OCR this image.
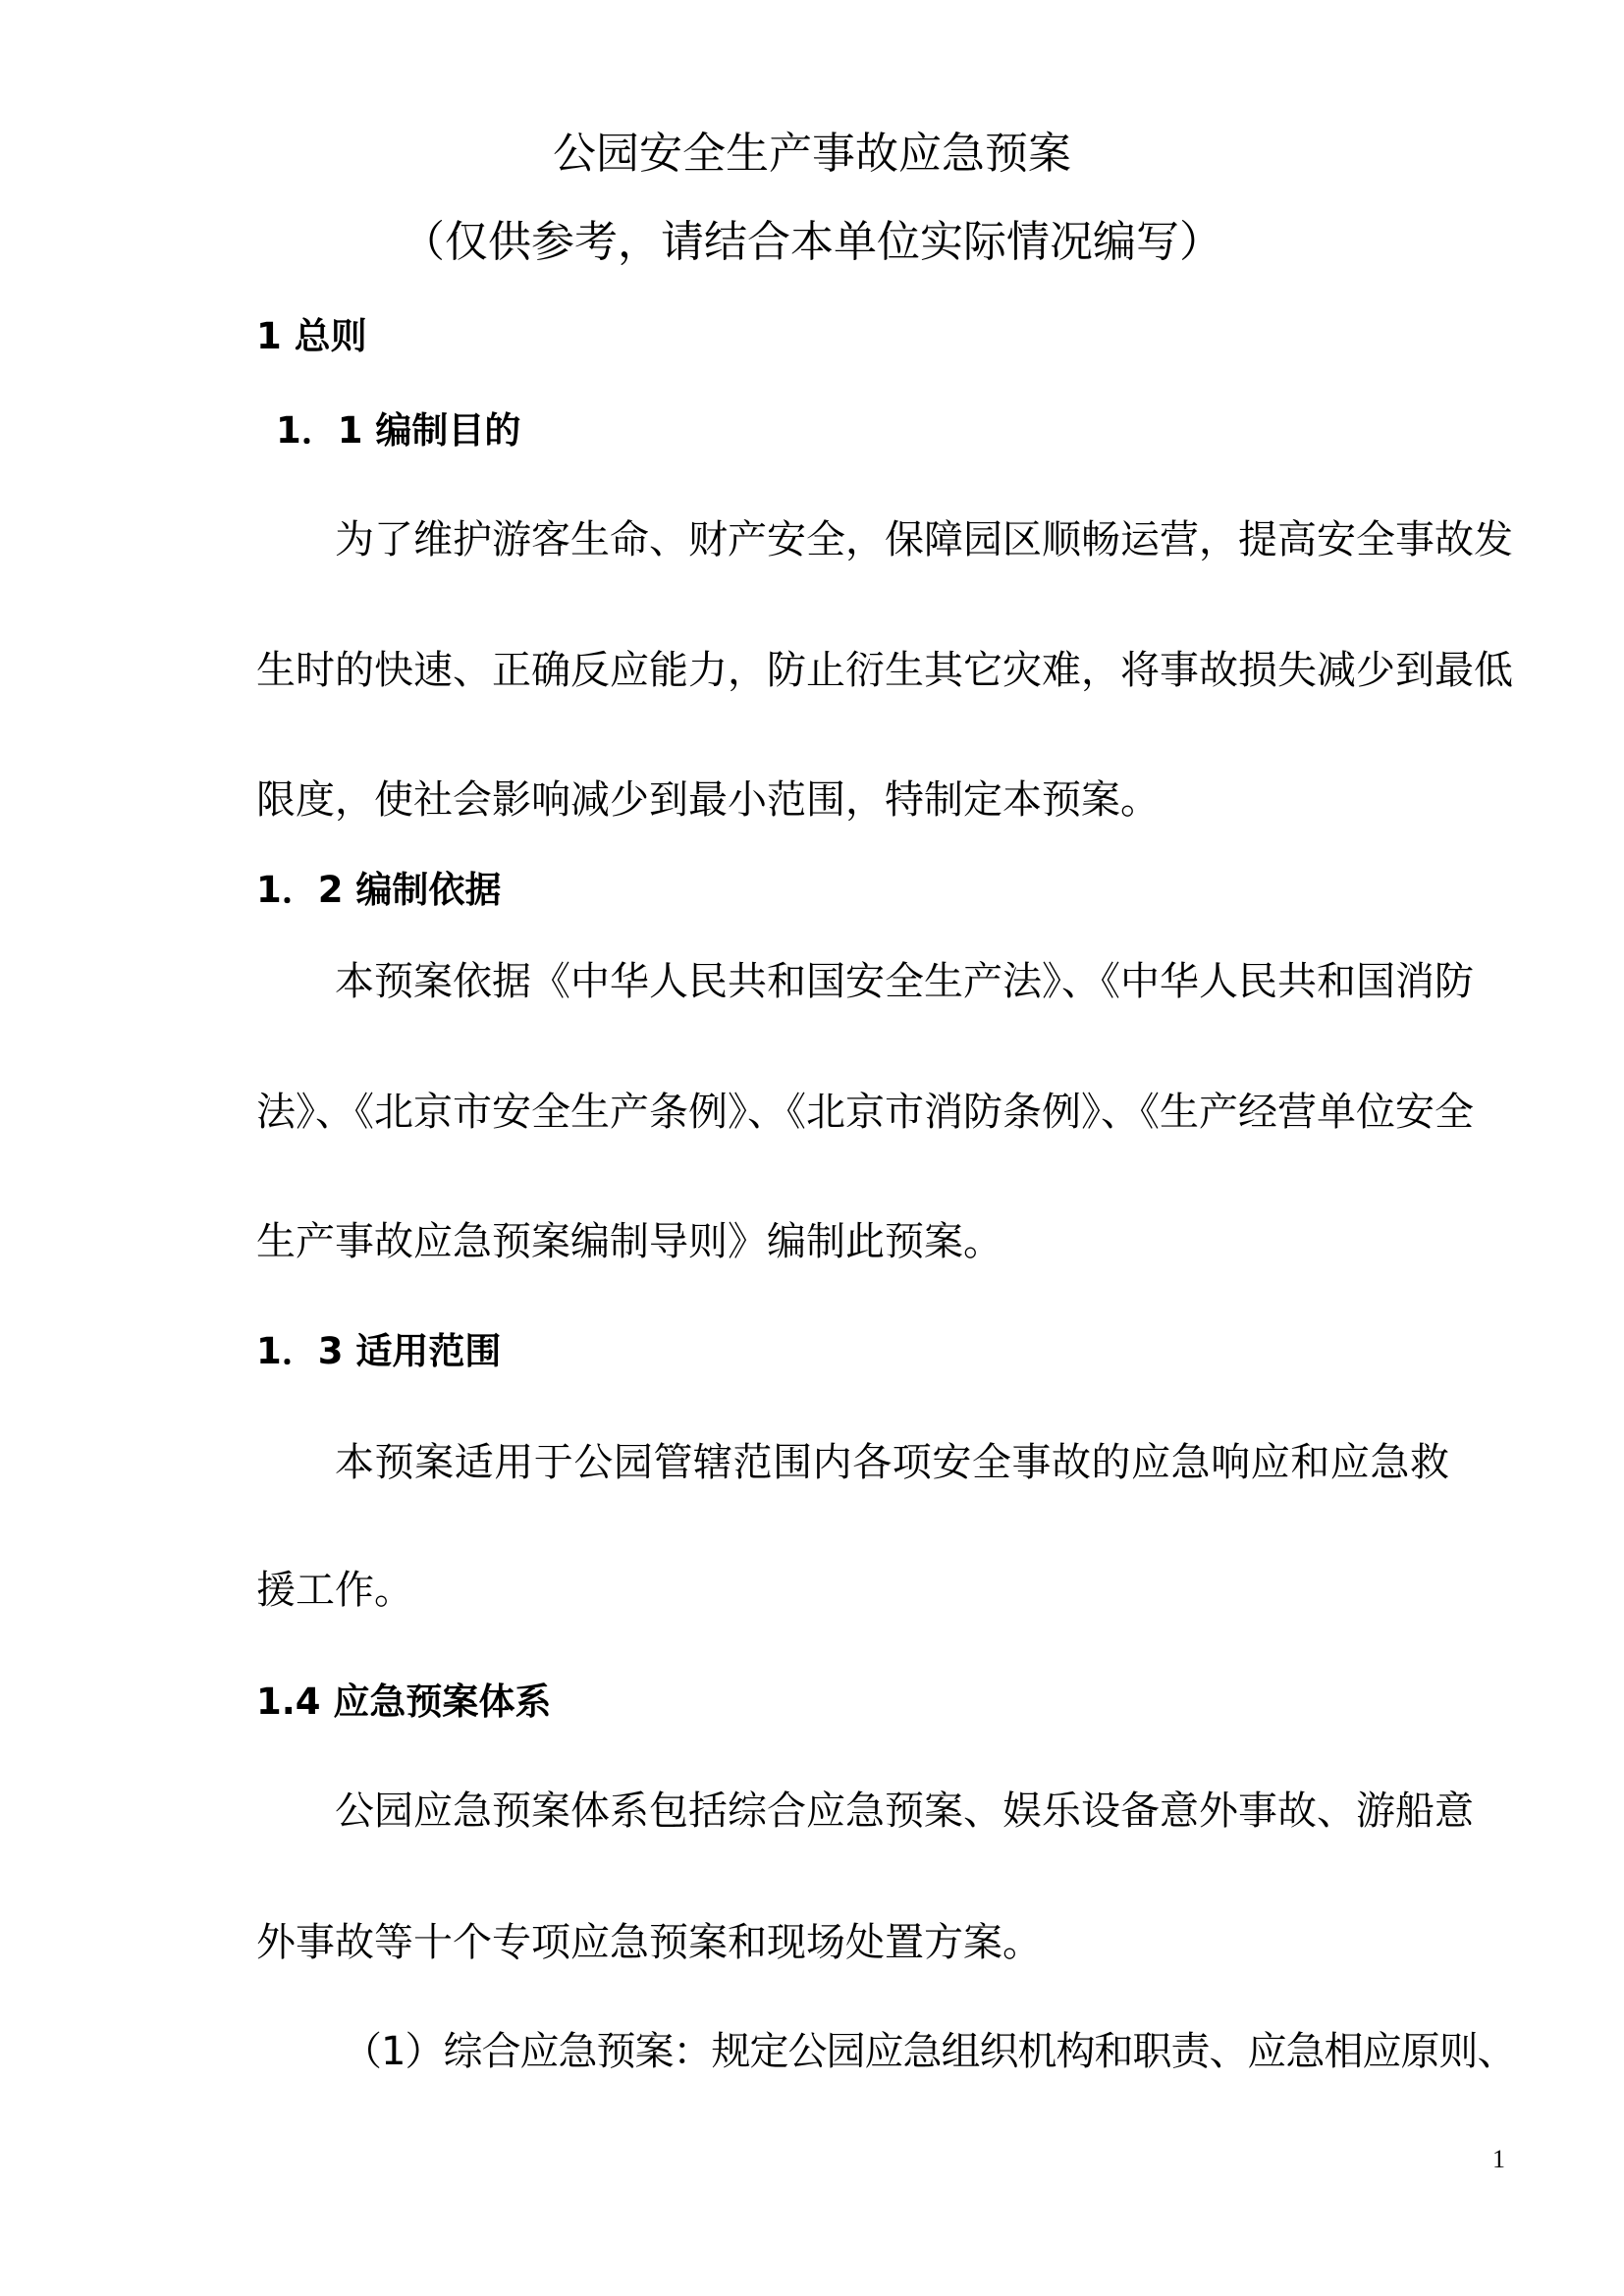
公园安全生产事故应急预案
（仅供参考，请结合本单位实际情况编写）
1 总则
1．1 编制目的
为了维护游客生命、财产安全，保障园区顺畅运营，提高安全事故发
生时的快速、正确反应能力，防止衍生其它灾难，将事故损失减少到最低
限度，使社会影响减少到最小范围，特制定本预案。
1．2 编制依据
本预案依据《中华人民共和国安全生产法》、《中华人民共和国消防
法》、《北京市安全生产条例》、《北京市消防条例》、《生产经营单位安全
生产事故应急预案编制导则》编制此预案。
1．3 适用范围
本预案适用于公园管辖范围内各项安全事故的应急响应和应急救
援工作。
1.4 应急预案体系
公园应急预案体系包括综合应急预案、娱乐设备意外事故、游船意
外事故等十个专项应急预案和现场处置方案。
（1）综合应急预案：规定公园应急组织机构和职责、应急相应原则、
1
